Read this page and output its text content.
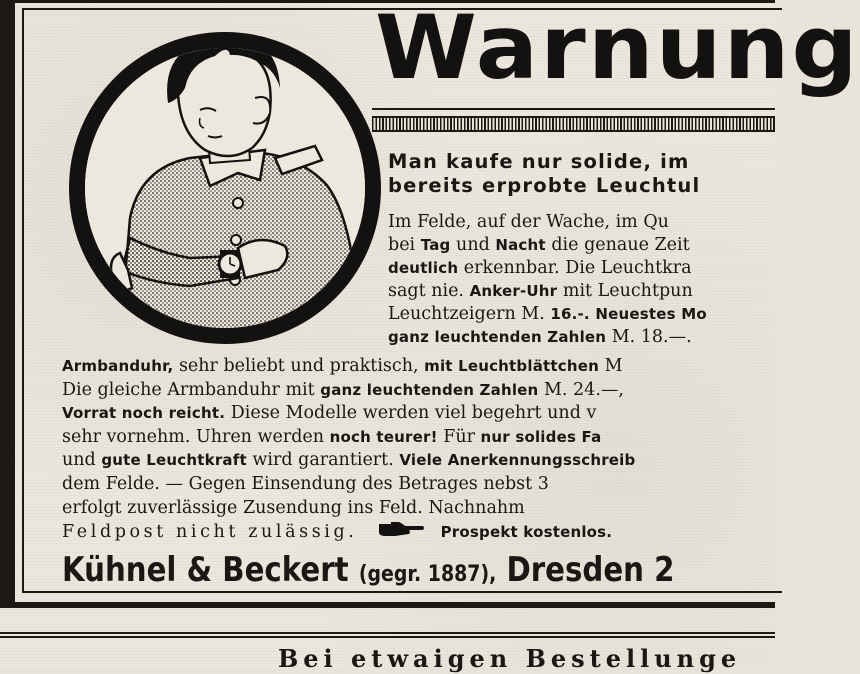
Warnung
Man kaufe nur solide, im
bereits erprobte Leuchtul
Im Felde, auf der Wache, im Qu
bei Tag und Nacht die genaue Zeit
deutlich erkennbar. Die Leuchtkra
sagt nie. Anker-Uhr mit Leuchtpun
Leuchtzeigern M. 16.-. Neuestes Mo
ganz leuchtenden Zahlen M. 18.—.
Armbanduhr, sehr beliebt und praktisch, mit Leuchtblättchen M
Die gleiche Armbanduhr mit ganz leuchtenden Zahlen M. 24.—,
Vorrat noch reicht. Diese Modelle werden viel begehrt und v
sehr vornehm. Uhren werden noch teurer! Für nur solides Fa
und gute Leuchtkraft wird garantiert. Viele Anerkennungsschreib
dem Felde. — Gegen Einsendung des Betrages nebst 3
erfolgt zuverlässige Zusendung ins Feld. Nachnahm
Feldpost nicht zulässig.	Prospekt kostenlos.
Kühnel & Beckert (gegr. 1887), Dresden 2
Bei etwaigen Bestellunge
